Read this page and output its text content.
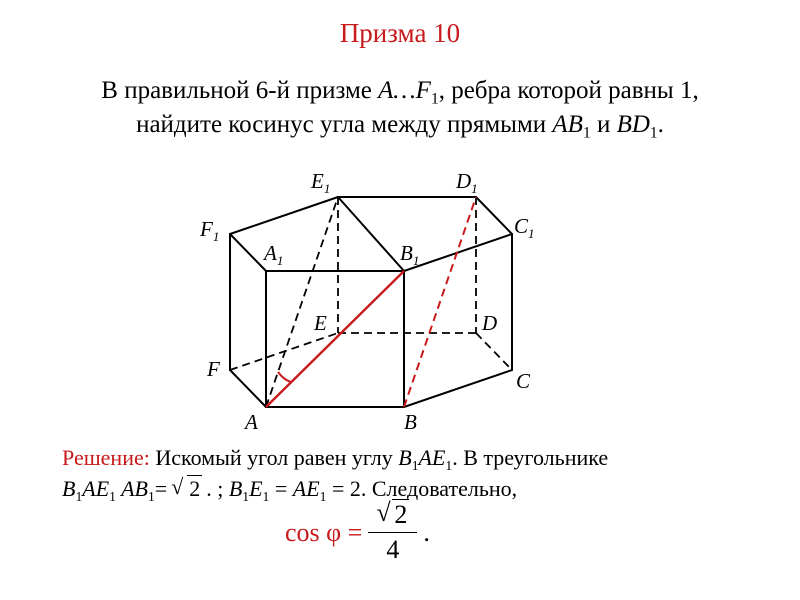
Призма 10
В правильной 6-й призме $A\dots F_1$, ребра которой равны 1,
найдите косинус угла между прямыми $AB_1$ и $BD_1$.
$E_1$	$D_1$
$F_1$	$C_1$
$A_1$	$B_1$
E	D
F	C
A	B
Решение: Искомый угол равен углу $B_1AE_1$. В треугольнике
$B_1AE_1$ $AB_1=$ √ 2 . ; $B_1E_1 = AE_1 = 2$. Следовательно,
$\cos \varphi = \frac{√ 2}{4}$ .
